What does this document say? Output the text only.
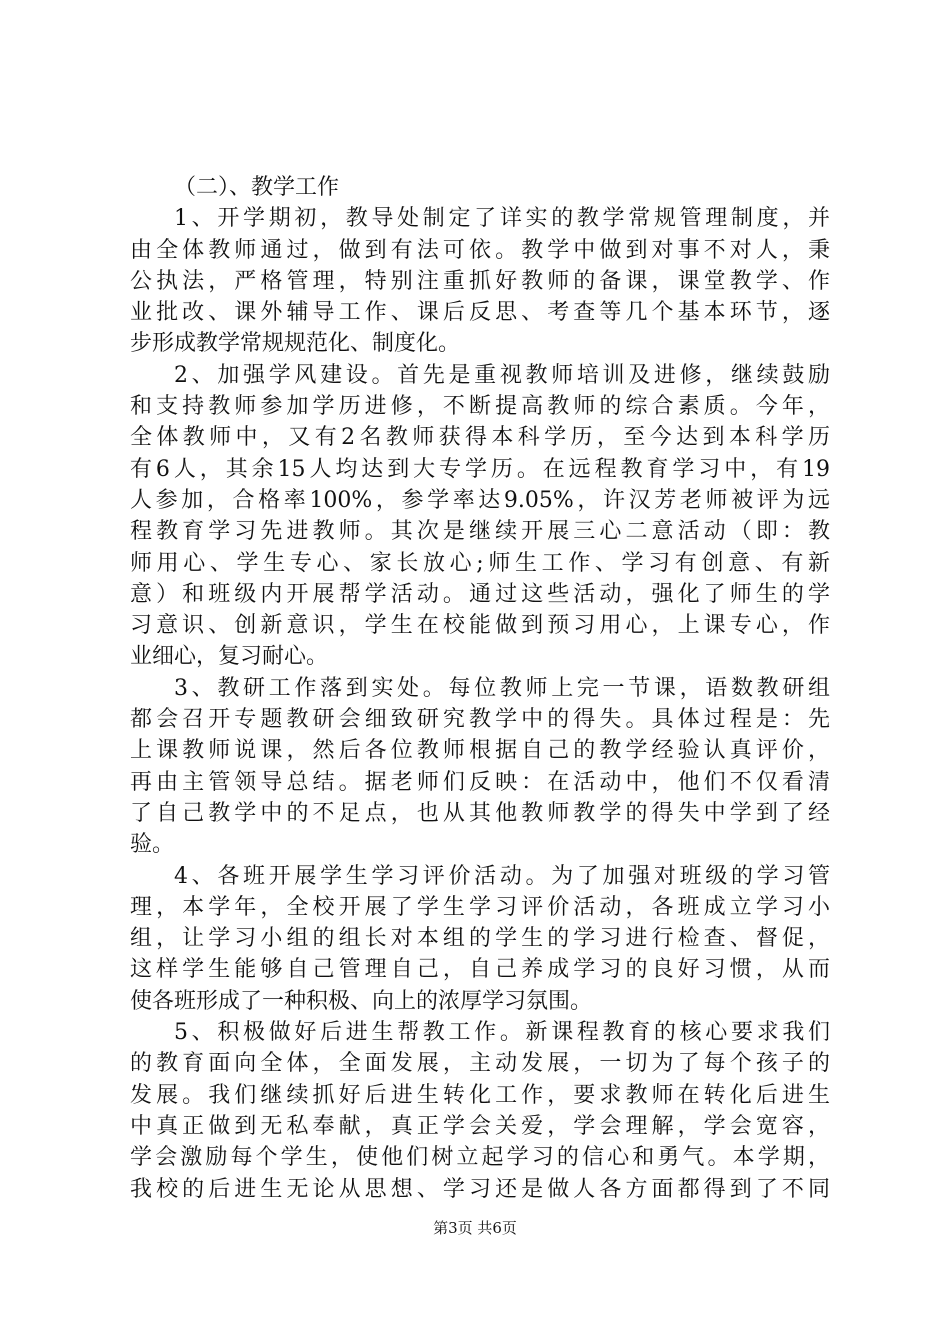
（二）、教学工作
1、开学期初，教导处制定了详实的教学常规管理制度，并
由全体教师通过，做到有法可依。教学中做到对事不对人，秉
公执法，严格管理，特别注重抓好教师的备课，课堂教学、作
业批改、课外辅导工作、课后反思、考查等几个基本环节，逐
步形成教学常规规范化、制度化。
2、加强学风建设。首先是重视教师培训及进修，继续鼓励
和支持教师参加学历进修，不断提高教师的综合素质。今年，
全体教师中，又有2名教师获得本科学历，至今达到本科学历
有6人，其余15人均达到大专学历。在远程教育学习中，有19
人参加，合格率100%，参学率达9.05%，许汉芳老师被评为远
程教育学习先进教师。其次是继续开展三心二意活动（即：教
师用心、学生专心、家长放心;师生工作、学习有创意、有新
意）和班级内开展帮学活动。通过这些活动，强化了师生的学
习意识、创新意识，学生在校能做到预习用心，上课专心，作
业细心，复习耐心。
3、教研工作落到实处。每位教师上完一节课，语数教研组
都会召开专题教研会细致研究教学中的得失。具体过程是：先
上课教师说课，然后各位教师根据自己的教学经验认真评价，
再由主管领导总结。据老师们反映：在活动中，他们不仅看清
了自己教学中的不足点，也从其他教师教学的得失中学到了经
验。
4、各班开展学生学习评价活动。为了加强对班级的学习管
理，本学年，全校开展了学生学习评价活动，各班成立学习小
组，让学习小组的组长对本组的学生的学习进行检查、督促，
这样学生能够自己管理自己，自己养成学习的良好习惯，从而
使各班形成了一种积极、向上的浓厚学习氛围。
5、积极做好后进生帮教工作。新课程教育的核心要求我们
的教育面向全体，全面发展，主动发展，一切为了每个孩子的
发展。我们继续抓好后进生转化工作，要求教师在转化后进生
中真正做到无私奉献，真正学会关爱，学会理解，学会宽容，
学会激励每个学生，使他们树立起学习的信心和勇气。本学期，
我校的后进生无论从思想、学习还是做人各方面都得到了不同
第3页 共6页
